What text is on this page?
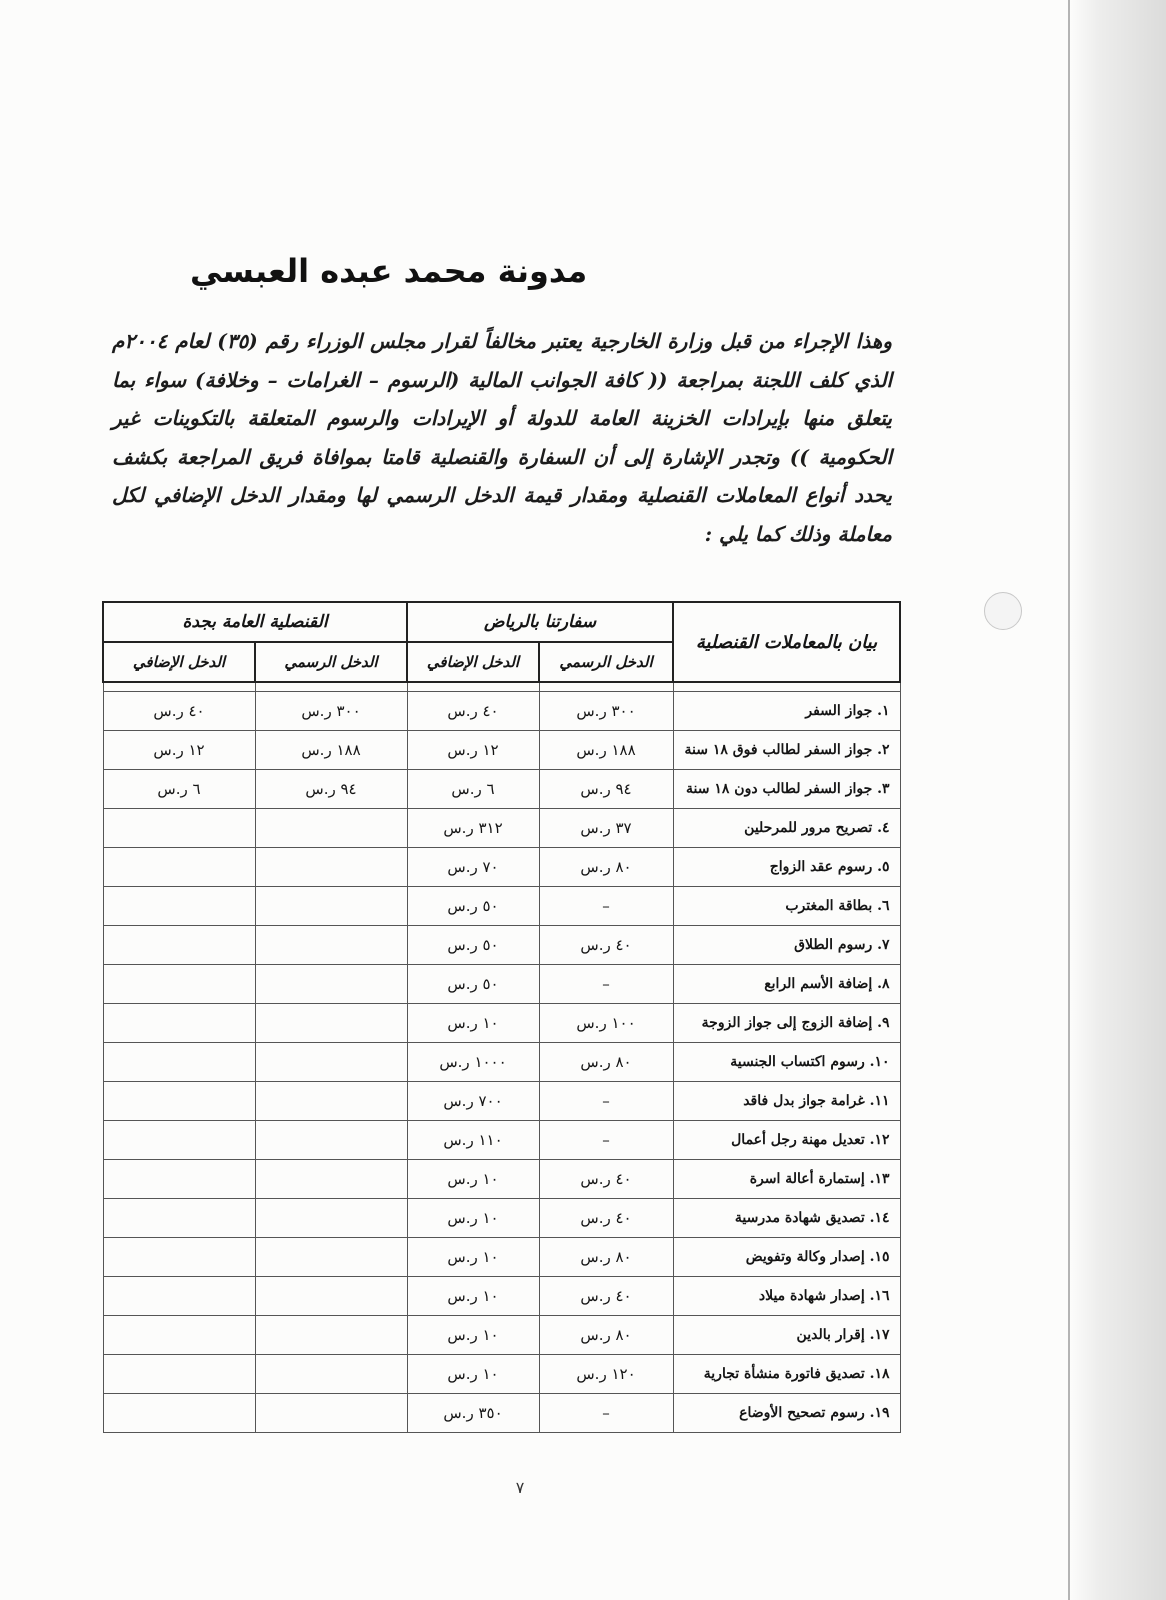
مدونة محمد عبده العبسي
وهذا الإجراء من قبل وزارة الخارجية يعتبر مخالفاً لقرار مجلس الوزراء رقم (٣٥) لعام ٢٠٠٤م الذي كلف اللجنة بمراجعة (( كافة الجوانب المالية (الرسوم – الغرامات – وخلافة) سواء بما يتعلق منها بإيرادات الخزينة العامة للدولة أو الإيرادات والرسوم المتعلقة بالتكوينات غير الحكومية )) وتجدر الإشارة إلى أن السفارة والقنصلية قامتا بموافاة فريق المراجعة بكشف يحدد أنواع المعاملات القنصلية ومقدار قيمة الدخل الرسمي لها ومقدار الدخل الإضافي لكل معاملة وذلك كما يلي :
بيان بالمعاملات القنصلية	سفارتنا بالرياض		القنصلية العامة بجدة	
	الدخل الرسمي	الدخل الإضافي	الدخل الرسمي	الدخل الإضافي

١. جواز السفر	٣٠٠ ر.س	٤٠ ر.س	٣٠٠ ر.س	٤٠ ر.س
٢. جواز السفر لطالب فوق ١٨ سنة	١٨٨ ر.س	١٢ ر.س	١٨٨ ر.س	١٢ ر.س
٣. جواز السفر لطالب دون ١٨ سنة	٩٤ ر.س	٦ ر.س	٩٤ ر.س	٦ ر.س
٤. تصريح مرور للمرحلين	٣٧ ر.س	٣١٢ ر.س		
٥. رسوم عقد الزواج	٨٠ ر.س	٧٠ ر.س		
٦. بطاقة المغترب	–	٥٠ ر.س		
٧. رسوم الطلاق	٤٠ ر.س	٥٠ ر.س		
٨. إضافة الأسم الرابع	–	٥٠ ر.س		
٩. إضافة الزوج إلى جواز الزوجة	١٠٠ ر.س	١٠ ر.س		
١٠. رسوم اكتساب الجنسية	٨٠ ر.س	١٠٠٠ ر.س		
١١. غرامة جواز بدل فاقد	–	٧٠٠ ر.س		
١٢. تعديل مهنة رجل أعمال	–	١١٠ ر.س		
١٣. إستمارة أعالة اسرة	٤٠ ر.س	١٠ ر.س		
١٤. تصديق شهادة مدرسية	٤٠ ر.س	١٠ ر.س		
١٥. إصدار وكالة وتفويض	٨٠ ر.س	١٠ ر.س		
١٦. إصدار شهادة ميلاد	٤٠ ر.س	١٠ ر.س		
١٧. إقرار بالدين	٨٠ ر.س	١٠ ر.س		
١٨. تصديق فاتورة منشأة تجارية	١٢٠ ر.س	١٠ ر.س		
١٩. رسوم تصحيح الأوضاع	–	٣٥٠ ر.س		
٧
